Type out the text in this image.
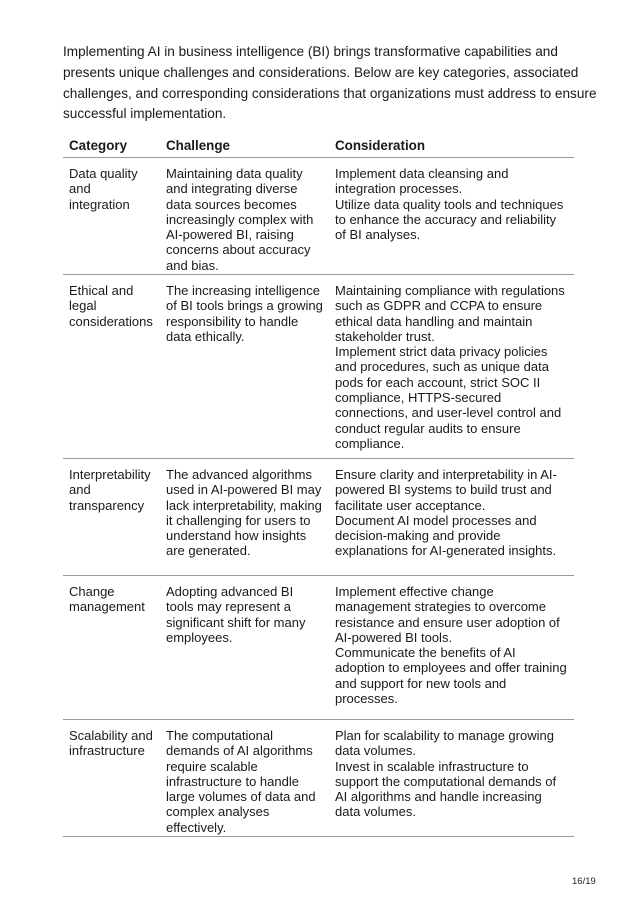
Implementing AI in business intelligence (BI) brings transformative capabilities and
presents unique challenges and considerations. Below are key categories, associated
challenges, and corresponding considerations that organizations must address to ensure
successful implementation.

Category	Challenge	Consideration
Data quality
and
integration
Maintaining data quality
and integrating diverse
data sources becomes
increasingly complex with
AI-powered BI, raising
concerns about accuracy
and bias.
Implement data cleansing and
integration processes.
Utilize data quality tools and techniques
to enhance the accuracy and reliability
of BI analyses.
Ethical and
legal
considerations
The increasing intelligence
of BI tools brings a growing
responsibility to handle
data ethically.
Maintaining compliance with regulations
such as GDPR and CCPA to ensure
ethical data handling and maintain
stakeholder trust.
Implement strict data privacy policies
and procedures, such as unique data
pods for each account, strict SOC II
compliance, HTTPS-secured
connections, and user-level control and
conduct regular audits to ensure
compliance.
Interpretability
and
transparency
The advanced algorithms
used in AI-powered BI may
lack interpretability, making
it challenging for users to
understand how insights
are generated.
Ensure clarity and interpretability in AI-
powered BI systems to build trust and
facilitate user acceptance.
Document AI model processes and
decision-making and provide
explanations for AI-generated insights.
Change
management
Adopting advanced BI
tools may represent a
significant shift for many
employees.
Implement effective change
management strategies to overcome
resistance and ensure user adoption of
AI-powered BI tools.
Communicate the benefits of AI
adoption to employees and offer training
and support for new tools and
processes.
Scalability and
infrastructure
The computational
demands of AI algorithms
require scalable
infrastructure to handle
large volumes of data and
complex analyses
effectively.
Plan for scalability to manage growing
data volumes.
Invest in scalable infrastructure to
support the computational demands of
AI algorithms and handle increasing
data volumes.
16/19
